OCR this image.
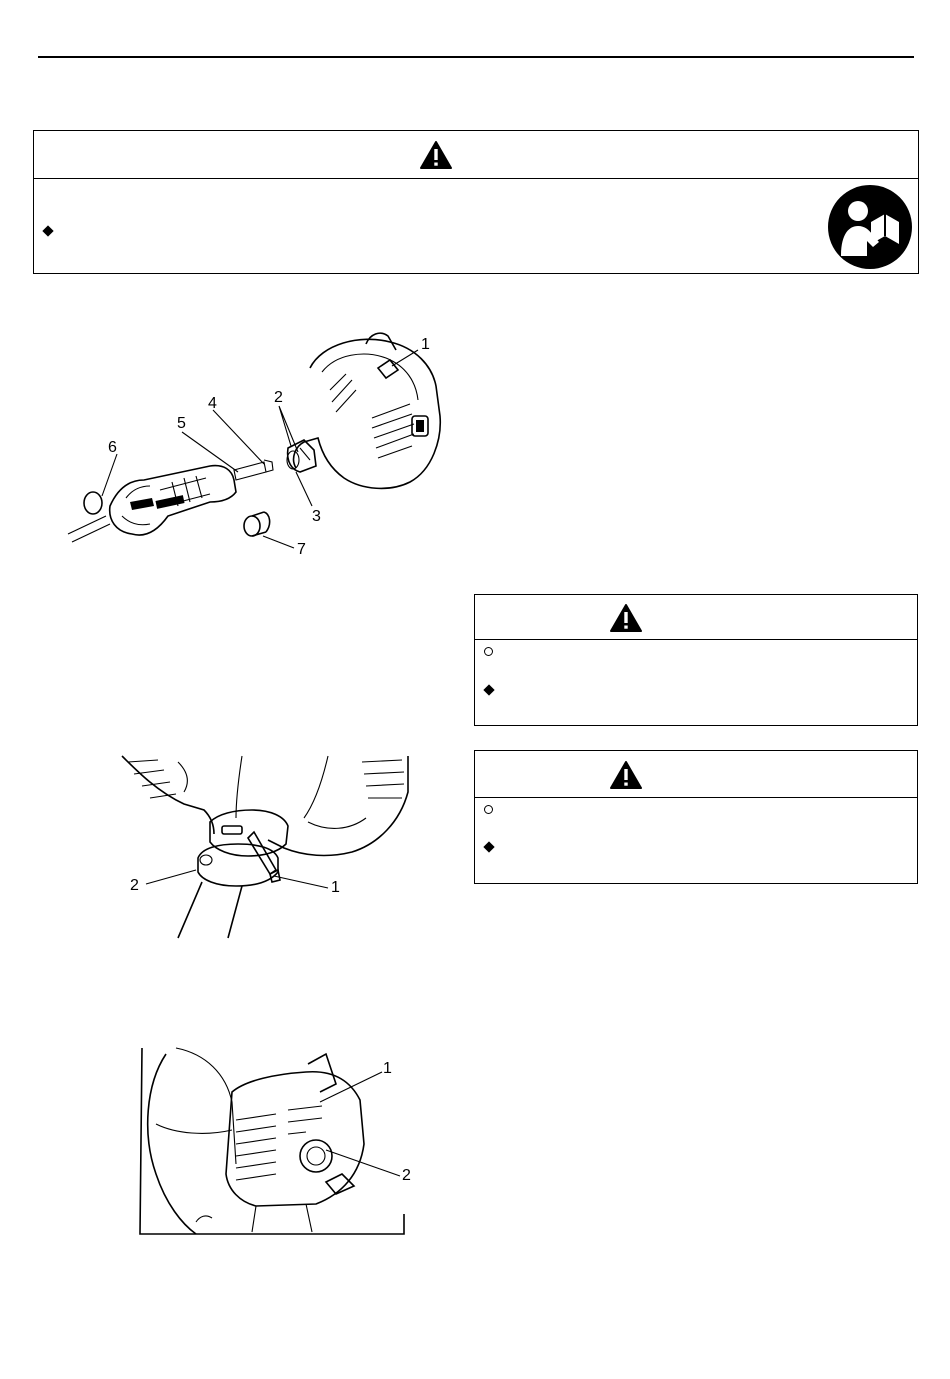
1
2
3
4
5
6
7
1
2
1
2
